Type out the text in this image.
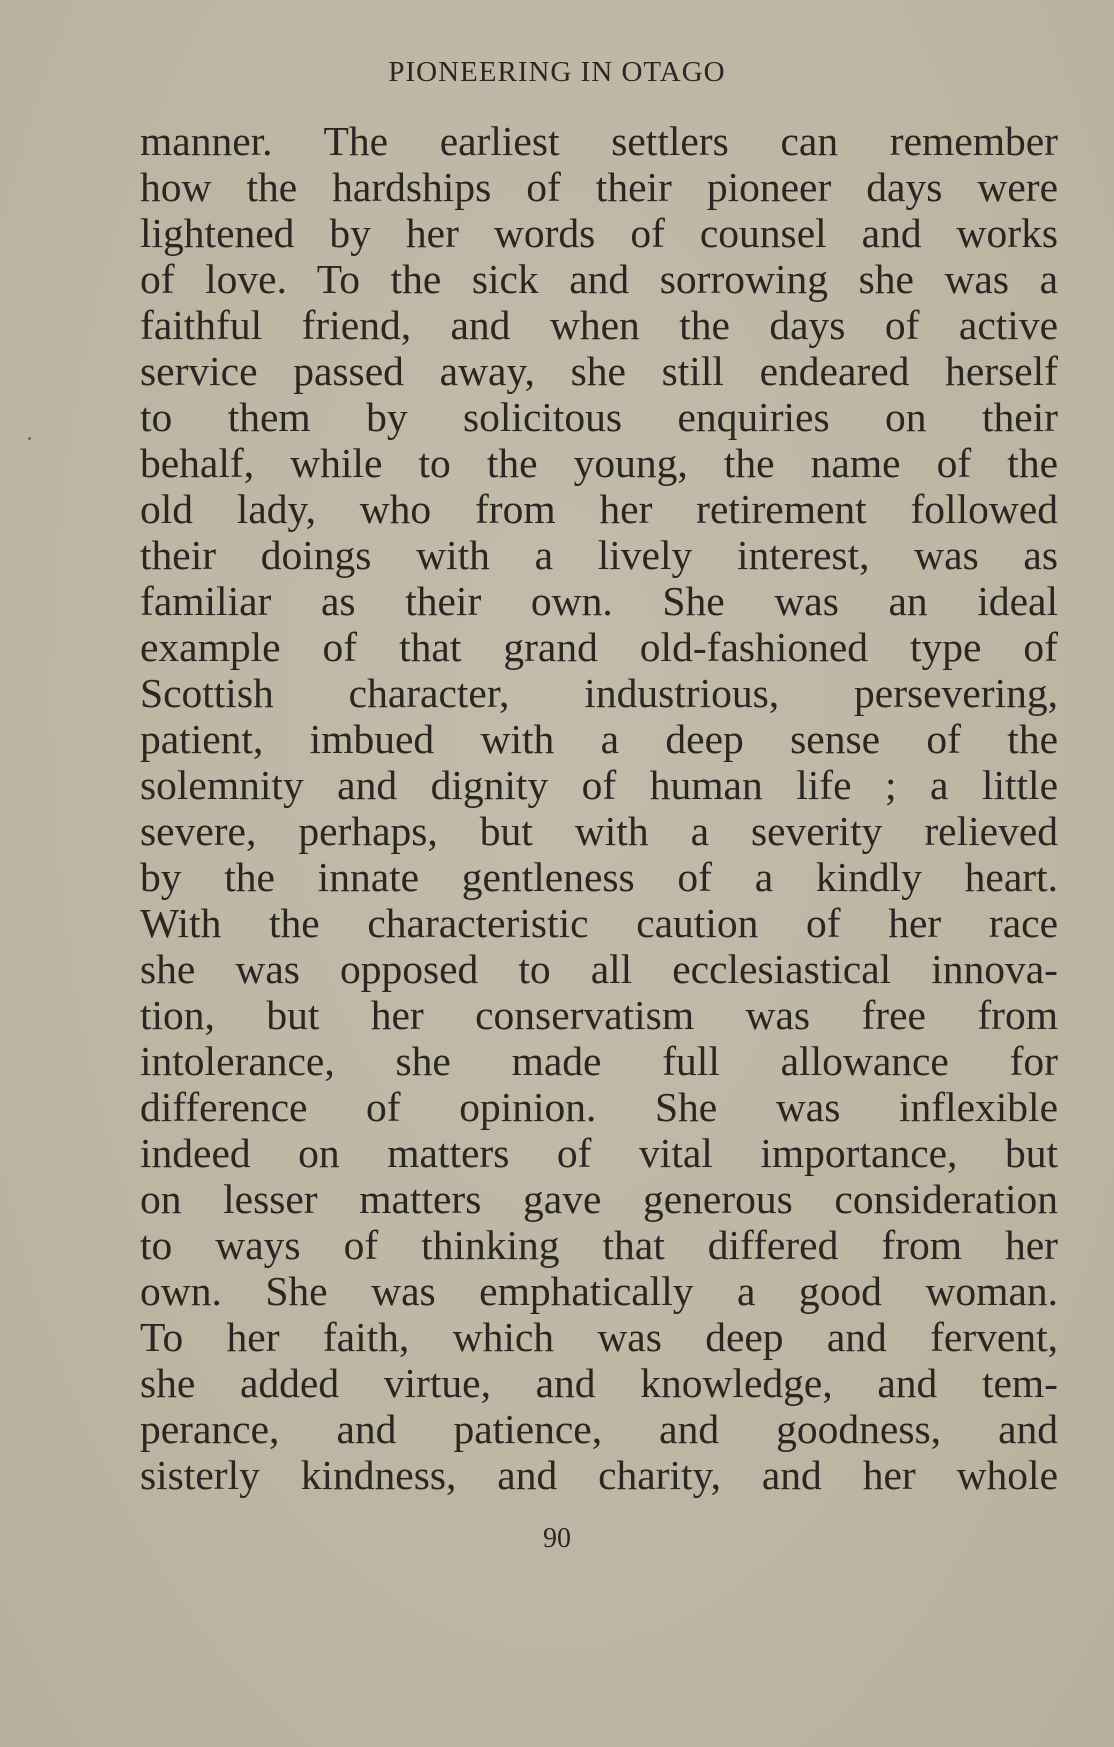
PIONEERING IN OTAGO
manner. The earliest settlers can remember
how the hardships of their pioneer days were
lightened by her words of counsel and works
of love. To the sick and sorrowing she was a
faithful friend, and when the days of active
service passed away, she still endeared herself
to them by solicitous enquiries on their
behalf, while to the young, the name of the
old lady, who from her retirement followed
their doings with a lively interest, was as
familiar as their own. She was an ideal
example of that grand old-fashioned type of
Scottish character, industrious, persevering,
patient, imbued with a deep sense of the
solemnity and dignity of human life ; a little
severe, perhaps, but with a severity relieved
by the innate gentleness of a kindly heart.
With the characteristic caution of her race
she was opposed to all ecclesiastical innova-
tion, but her conservatism was free from
intolerance, she made full allowance for
difference of opinion. She was inflexible
indeed on matters of vital importance, but
on lesser matters gave generous consideration
to ways of thinking that differed from her
own. She was emphatically a good woman.
To her faith, which was deep and fervent,
she added virtue, and knowledge, and tem-
perance, and patience, and goodness, and
sisterly kindness, and charity, and her whole
90
